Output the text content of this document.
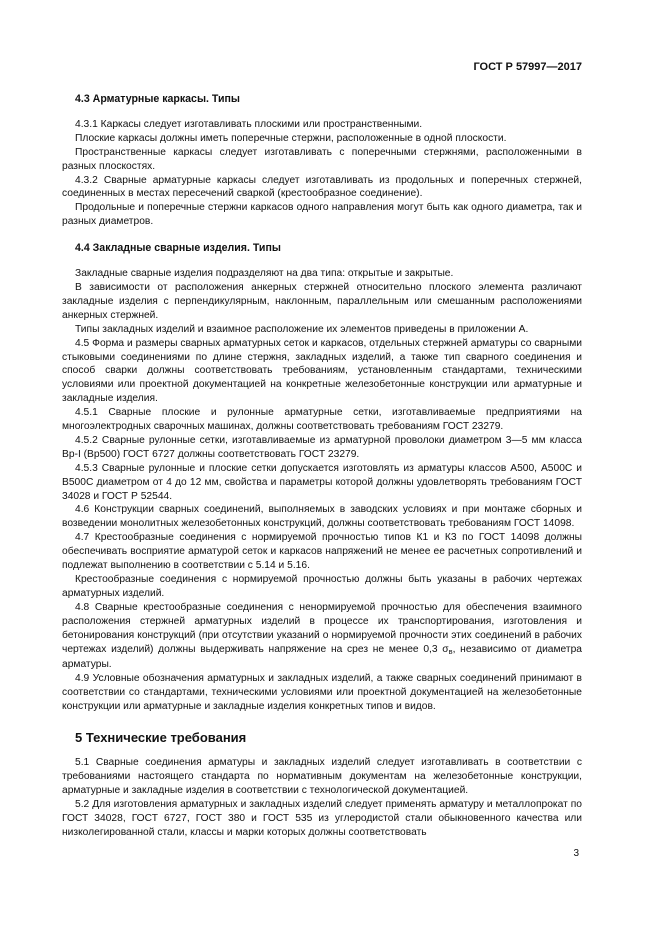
ГОСТ Р 57997—2017
4.3 Арматурные каркасы. Типы

4.3.1 Каркасы следует изготавливать плоскими или пространственными.

Плоские каркасы должны иметь поперечные стержни, расположенные в одной плоскости.

Пространственные каркасы следует изготавливать с поперечными стержнями, расположенными в разных плоскостях.

4.3.2 Сварные арматурные каркасы следует изготавливать из продольных и поперечных стержней, соединенных в местах пересечений сваркой (крестообразное соединение).

Продольные и поперечные стержни каркасов одного направления могут быть как одного диаметра, так и разных диаметров.

4.4 Закладные сварные изделия. Типы

Закладные сварные изделия подразделяют на два типа: открытые и закрытые.

В зависимости от расположения анкерных стержней относительно плоского элемента различают закладные изделия с перпендикулярным, наклонным, параллельным или смешанным расположениями анкерных стержней.

Типы закладных изделий и взаимное расположение их элементов приведены в приложении А.

4.5 Форма и размеры сварных арматурных сеток и каркасов, отдельных стержней арматуры со сварными стыковыми соединениями по длине стержня, закладных изделий, а также тип сварного соединения и способ сварки должны соответствовать требованиям, установленным стандартами, техническими условиями или проектной документацией на конкретные железобетонные конструкции или арматурные и закладные изделия.

4.5.1 Сварные плоские и рулонные арматурные сетки, изготавливаемые предприятиями на многоэлектродных сварочных машинах, должны соответствовать требованиям ГОСТ 23279.

4.5.2 Сварные рулонные сетки, изготавливаемые из арматурной проволоки диаметром 3—5 мм класса Вр-I (Вр500) ГОСТ 6727 должны соответствовать ГОСТ 23279.

4.5.3 Сварные рулонные и плоские сетки допускается изготовлять из арматуры классов А500, А500С и В500С диаметром от 4 до 12 мм, свойства и параметры которой должны удовлетворять требованиям ГОСТ 34028 и ГОСТ Р 52544.

4.6 Конструкции сварных соединений, выполняемых в заводских условиях и при монтаже сборных и возведении монолитных железобетонных конструкций, должны соответствовать требованиям ГОСТ 14098.

4.7 Крестообразные соединения с нормируемой прочностью типов К1 и К3 по ГОСТ 14098 должны обеспечивать восприятие арматурой сеток и каркасов напряжений не менее ее расчетных сопротивлений и подлежат выполнению в соответствии с 5.14 и 5.16.

Крестообразные соединения с нормируемой прочностью должны быть указаны в рабочих чертежах арматурных изделий.

4.8 Сварные крестообразные соединения с ненормируемой прочностью для обеспечения взаимного расположения стержней арматурных изделий в процессе их транспортирования, изготовления и бетонирования конструкций (при отсутствии указаний о нормируемой прочности этих соединений в рабочих чертежах изделий) должны выдерживать напряжение на срез не менее 0,3 σв, независимо от диаметра арматуры.

4.9 Условные обозначения арматурных и закладных изделий, а также сварных соединений принимают в соответствии со стандартами, техническими условиями или проектной документацией на железобетонные конструкции или арматурные и закладные изделия конкретных типов и видов.

5 Технические требования

5.1 Сварные соединения арматуры и закладных изделий следует изготавливать в соответствии с требованиями настоящего стандарта по нормативным документам на железобетонные конструкции, арматурные и закладные изделия в соответствии с технологической документацией.

5.2 Для изготовления арматурных и закладных изделий следует применять арматуру и металлопрокат по ГОСТ 34028, ГОСТ 6727, ГОСТ 380 и ГОСТ 535 из углеродистой стали обыкновенного качества или низколегированной стали, классы и марки которых должны соответствовать

3
